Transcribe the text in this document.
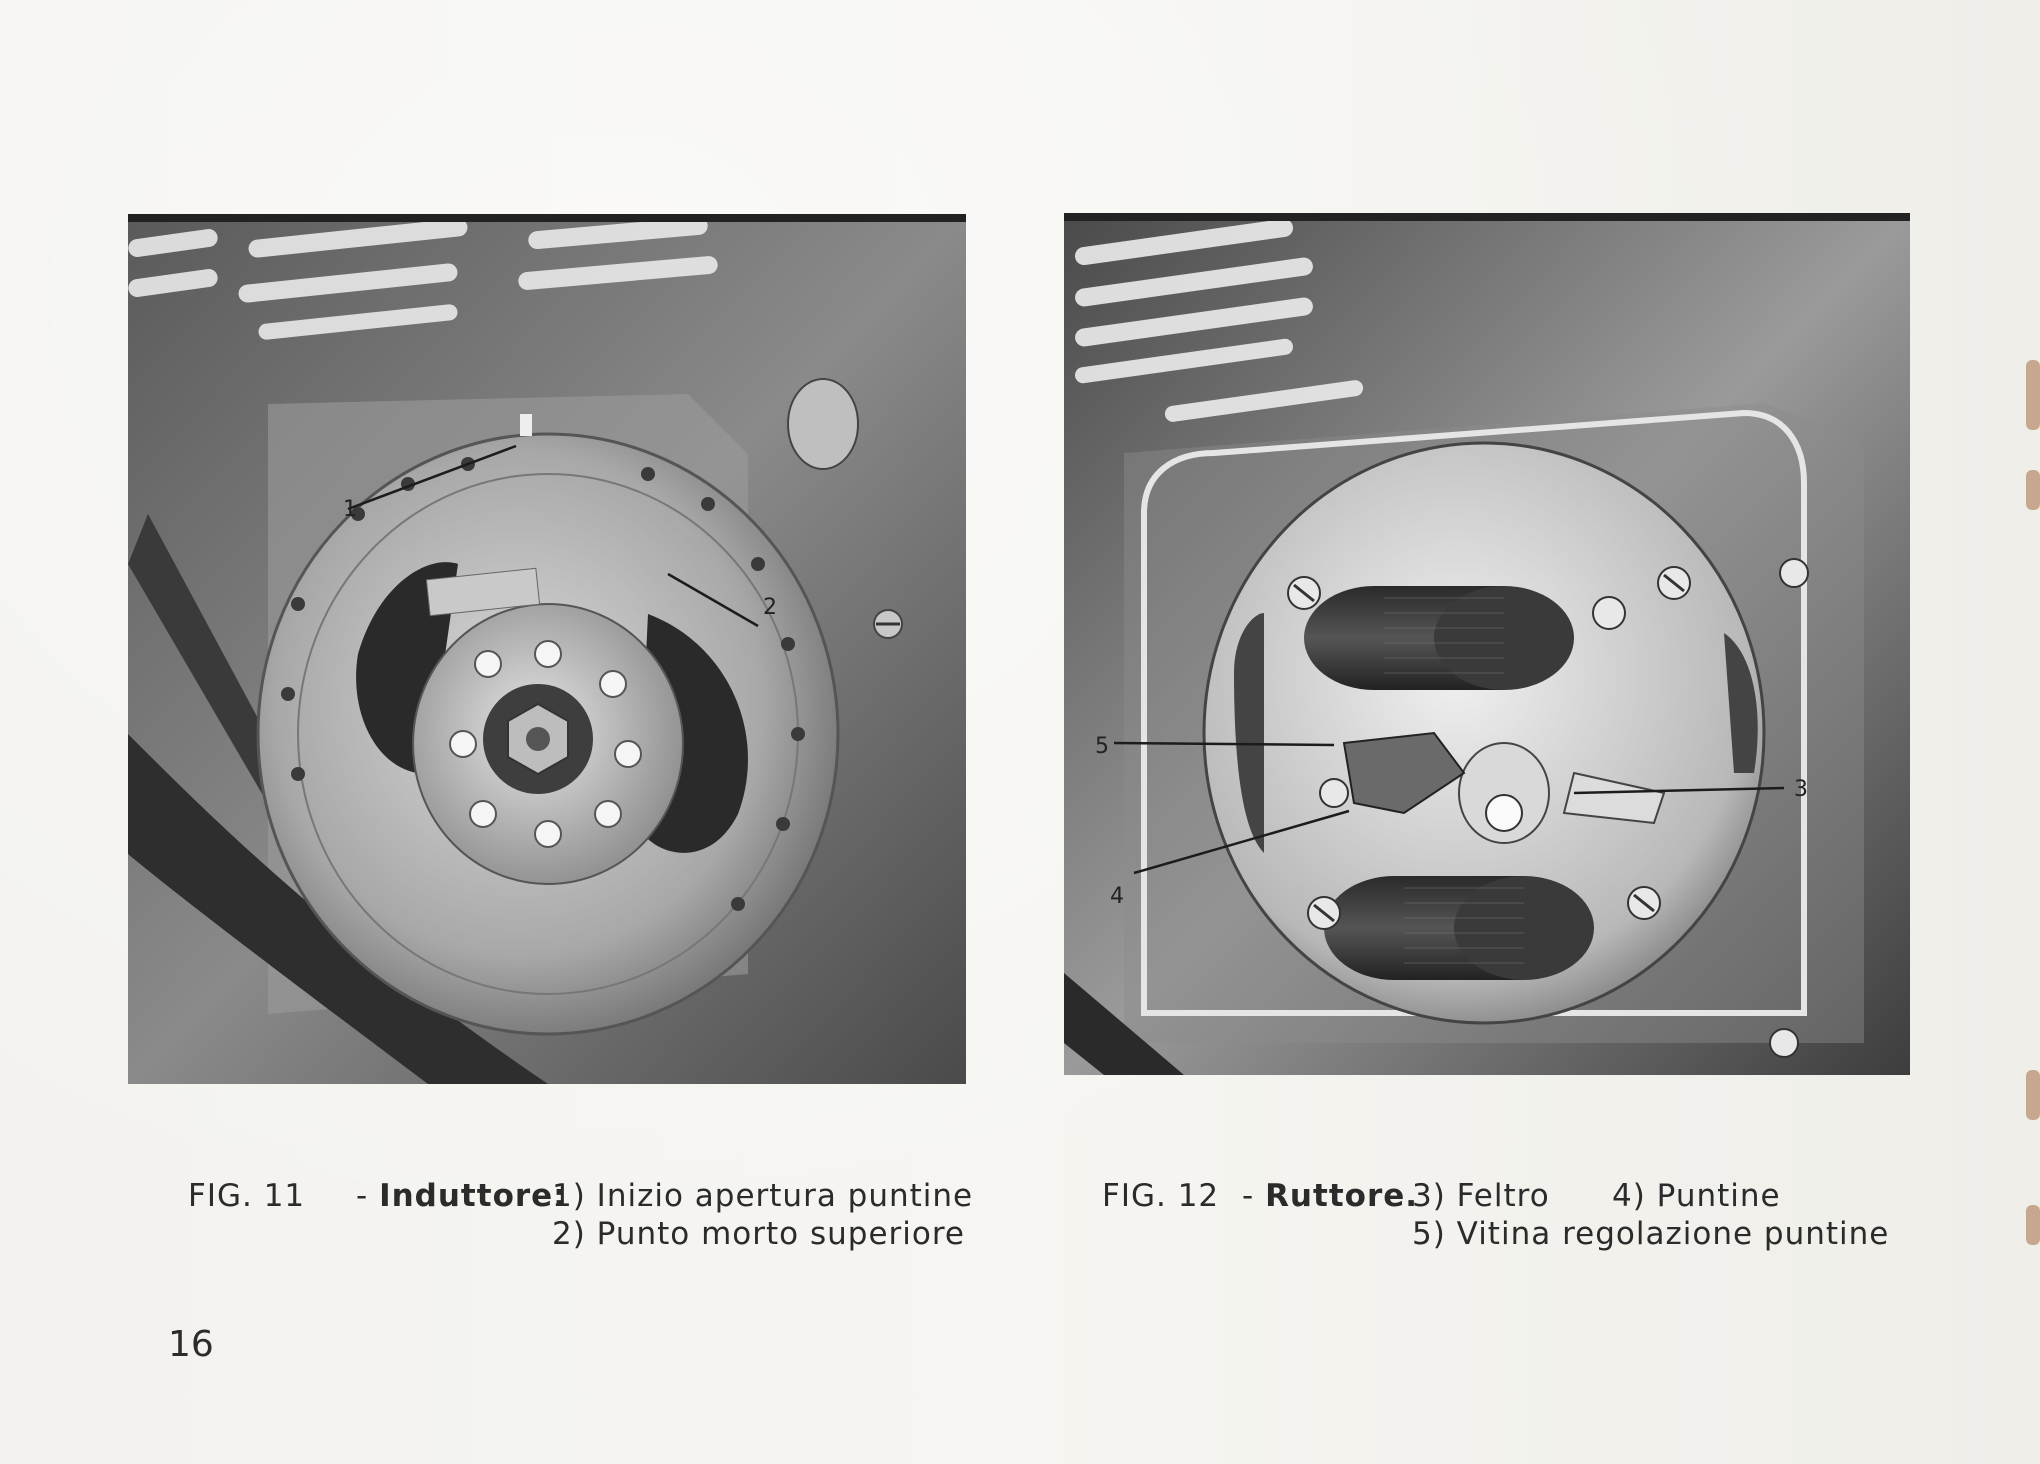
1
2
5
3
4
FIG. 11 - Induttore:
1) Inizio apertura puntine
2) Punto morto superiore
FIG. 12 - Ruttore.
3) Feltro 4) Puntine
5) Vitina regolazione puntine
16
